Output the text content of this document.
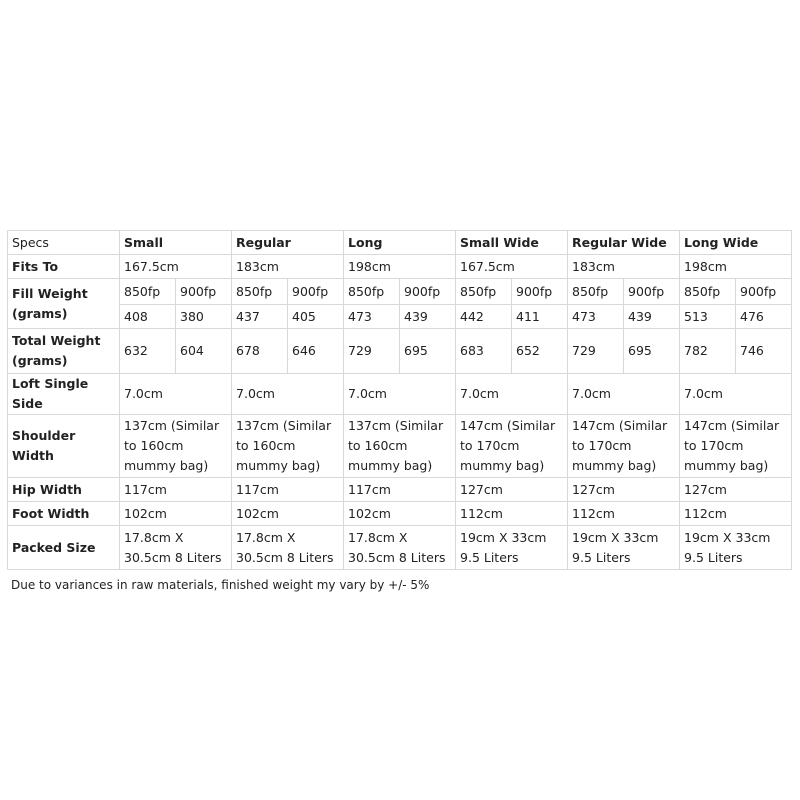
Specs	Small		Regular		Long		Small Wide		Regular Wide		Long Wide	
Fits To	167.5cm		183cm		198cm		167.5cm		183cm		198cm	
Fill Weight (grams)	850fp	900fp	850fp	900fp	850fp	900fp	850fp	900fp	850fp	900fp	850fp	900fp
	408	380	437	405	473	439	442	411	473	439	513	476
Total Weight (grams)	632	604	678	646	729	695	683	652	729	695	782	746
Loft Single Side	7.0cm		7.0cm		7.0cm		7.0cm		7.0cm		7.0cm	
Shoulder Width	137cm (Similar to 160cm mummy bag)		137cm (Similar to 160cm mummy bag)		137cm (Similar to 160cm mummy bag)		147cm (Similar to 170cm mummy bag)		147cm (Similar to 170cm mummy bag)		147cm (Similar to 170cm mummy bag)	
Hip Width	117cm		117cm		117cm		127cm		127cm		127cm	
Foot Width	102cm		102cm		102cm		112cm		112cm		112cm	
Packed Size	17.8cm X 30.5cm 8 Liters		17.8cm X 30.5cm 8 Liters		17.8cm X 30.5cm 8 Liters		19cm X 33cm 9.5 Liters		19cm X 33cm 9.5 Liters		19cm X 33cm 9.5 Liters	
Due to variances in raw materials, finished weight my vary by +/- 5%
